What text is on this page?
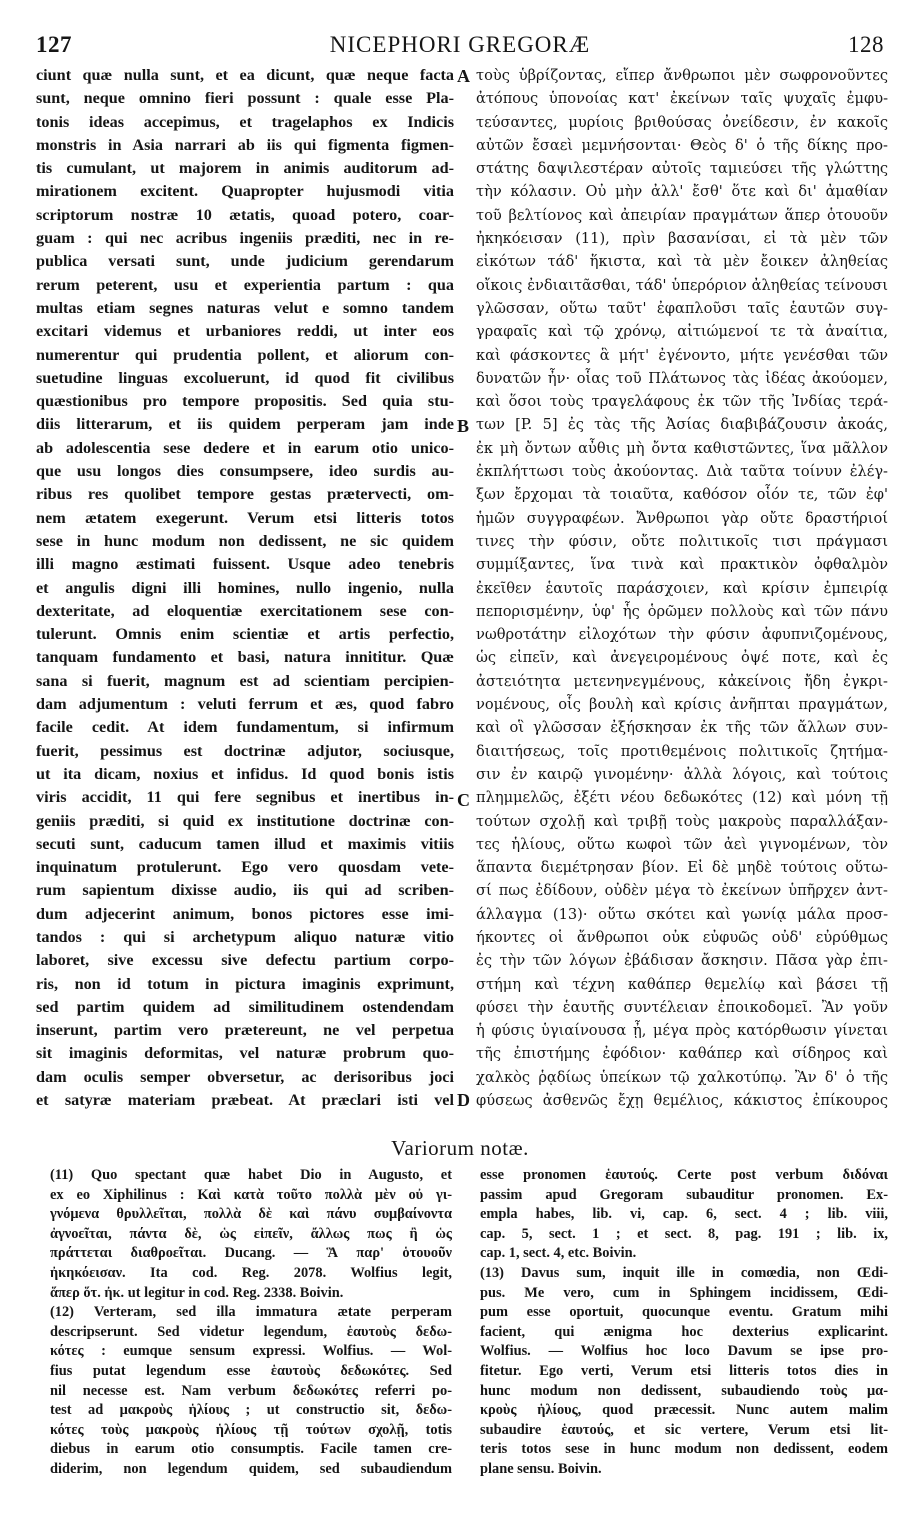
127	NICEPHORI GREGORÆ	128
ciunt quæ nulla sunt, et ea dicunt, quæ neque facta
sunt, neque omnino fieri possunt : quale esse Pla-
tonis ideas accepimus, et tragelaphos ex Indicis
monstris in Asia narrari ab iis qui figmenta figmen-
tis cumulant, ut majorem in animis auditorum ad-
mirationem excitent. Quapropter hujusmodi vitia
scriptorum nostræ 10 ætatis, quoad potero, coar-
guam : qui nec acribus ingeniis præditi, nec in re-
publica versati sunt, unde judicium gerendarum
rerum peterent, usu et experientia partum : qua
multas etiam segnes naturas velut e somno tandem
excitari videmus et urbaniores reddi, ut inter eos
numerentur qui prudentia pollent, et aliorum con-
suetudine linguas excoluerunt, id quod fit civilibus
quæstionibus pro tempore propositis. Sed quia stu-
diis litterarum, et iis quidem perperam jam inde
ab adolescentia sese dedere et in earum otio unico-
que usu longos dies consumpsere, ideo surdis au-
ribus res quolibet tempore gestas prætervecti, om-
nem ætatem exegerunt. Verum etsi litteris totos
sese in hunc modum non dedissent, ne sic quidem
illi magno æstimati fuissent. Usque adeo tenebris
et angulis digni illi homines, nullo ingenio, nulla
dexteritate, ad eloquentiæ exercitationem sese con-
tulerunt. Omnis enim scientiæ et artis perfectio,
tanquam fundamento et basi, natura innititur. Quæ
sana si fuerit, magnum est ad scientiam percipien-
dam adjumentum : veluti ferrum et æs, quod fabro
facile cedit. At idem fundamentum, si infirmum
fuerit, pessimus est doctrinæ adjutor, sociusque,
ut ita dicam, noxius et infidus. Id quod bonis istis
viris accidit, 11 qui fere segnibus et inertibus in-
geniis præditi, si quid ex institutione doctrinæ con-
secuti sunt, caducum tamen illud et maximis vitiis
inquinatum protulerunt. Ego vero quosdam vete-
rum sapientum dixisse audio, iis qui ad scriben-
dum adjecerint animum, bonos pictores esse imi-
tandos : qui si archetypum aliquo naturæ vitio
laboret, sive excessu sive defectu partium corpo-
ris, non id totum in pictura imaginis exprimunt,
sed partim quidem ad similitudinem ostendendam
inserunt, partim vero prætereunt, ne vel perpetua
sit imaginis deformitas, vel naturæ probrum quo-
dam oculis semper obversetur, ac derisoribus joci
et satyræ materiam præbeat. At præclari isti vel
τοὺς ὑβρίζοντας, εἴπερ ἄνθρωποι μὲν σωφρονοῦντες
ἀτόπους ὑπονοίας κατ' ἐκείνων ταῖς ψυχαῖς ἐμφυ-
τεύσαντες, μυρίοις βριθούσας ὀνείδεσιν, ἐν κακοῖς
αὐτῶν ἔσαεὶ μεμνήσονται· Θεὸς δ' ὁ τῆς δίκης προ-
στάτης δαψιλεστέραν αὐτοῖς ταμιεύσει τῆς γλώττης
τὴν κόλασιν. Οὐ μὴν ἀλλ' ἔσθ' ὅτε καὶ δι' ἀμαθίαν
τοῦ βελτίονος καὶ ἀπειρίαν πραγμάτων ἅπερ ὁτουοῦν
ἠκηκόεισαν (11), πρὶν βασανίσαι, εἰ τὰ μὲν τῶν
εἰκότων τάδ' ἥκιστα, καὶ τὰ μὲν ἔοικεν ἀληθείας
οἴκοις ἐνδιαιτᾶσθαι, τάδ' ὑπερόριον ἀληθείας τείνουσι
γλῶσσαν, οὕτω ταῦτ' ἐφαπλοῦσι ταῖς ἑαυτῶν συγ-
γραφαῖς καὶ τῷ χρόνῳ, αἰτιώμενοί τε τὰ ἀναίτια,
καὶ φάσκοντες ἃ μήτ' ἐγένοντο, μήτε γενέσθαι τῶν
δυνατῶν ἦν· οἷας τοῦ Πλάτωνος τὰς ἰδέας ἀκούομεν,
καὶ ὅσοι τοὺς τραγελάφους ἐκ τῶν τῆς Ἰνδίας τερά-
των [P. 5] ἐς τὰς τῆς Ἀσίας διαβιβάζουσιν ἀκοάς,
ἐκ μὴ ὄντων αὖθις μὴ ὄντα καθιστῶντες, ἵνα μᾶλλον
ἐκπλήττωσι τοὺς ἀκούοντας. Διὰ ταῦτα τοίνυν ἐλέγ-
ξων ἔρχομαι τὰ τοιαῦτα, καθόσον οἷόν τε, τῶν ἐφ'
ἡμῶν συγγραφέων. Ἄνθρωποι γὰρ οὔτε δραστήριοί
τινες τὴν φύσιν, οὔτε πολιτικοῖς τισι πράγμασι
συμμίξαντες, ἵνα τινὰ καὶ πρακτικὸν ὀφθαλμὸν
ἐκεῖθεν ἑαυτοῖς παράσχοιεν, καὶ κρίσιν ἐμπειρίᾳ
πεπορισμένην, ὑφ' ἧς ὁρῶμεν πολλοὺς καὶ τῶν πάνυ
νωθροτάτην εἰλοχότων τὴν φύσιν ἀφυπνιζομένους,
ὡς εἰπεῖν, καὶ ἀνεγειρομένους ὀψέ ποτε, καὶ ἐς
ἀστειότητα μετενηνεγμένους, κἀκείνοις ἤδη ἐγκρι-
νομένους, οἷς βουλὴ καὶ κρίσις ἀνῆπται πραγμάτων,
καὶ οἳ γλῶσσαν ἐξήσκησαν ἐκ τῆς τῶν ἄλλων συν-
διαιτήσεως, τοῖς προτιθεμένοις πολιτικοῖς ζητήμα-
σιν ἐν καιρῷ γινομένην· ἀλλὰ λόγοις, καὶ τούτοις
πλημμελῶς, ἐξέτι νέου δεδωκότες (12) καὶ μόνη τῇ
τούτων σχολῇ καὶ τριβῇ τοὺς μακροὺς παραλλάξαν-
τες ἡλίους, οὕτω κωφοὶ τῶν ἀεὶ γιγνομένων, τὸν
ἅπαντα διεμέτρησαν βίον. Εἰ δὲ μηδὲ τούτοις οὕτω-
σί πως ἐδίδουν, οὐδὲν μέγα τὸ ἐκείνων ὑπῆρχεν ἀντ-
άλλαγμα (13)· οὕτω σκότει καὶ γωνίᾳ μάλα προσ-
ήκοντες οἱ ἄνθρωποι οὐκ εὐφυῶς οὐδ' εὐρύθμως
ἐς τὴν τῶν λόγων ἐβάδισαν ἄσκησιν. Πᾶσα γὰρ ἐπι-
στήμη καὶ τέχνη καθάπερ θεμελίῳ καὶ βάσει τῇ
φύσει τὴν ἑαυτῆς συντέλειαν ἐποικοδομεῖ. Ἂν γοῦν
ἡ φύσις ὑγιαίνουσα ᾖ, μέγα πρὸς κατόρθωσιν γίνεται
τῆς ἐπιστήμης ἐφόδιον· καθάπερ καὶ σίδηρος καὶ
χαλκὸς ῥᾳδίως ὑπείκων τῷ χαλκοτύπῳ. Ἂν δ' ὁ τῆς
φύσεως ἀσθενῶς ἔχῃ θεμέλιος, κάκιστος ἐπίκουρος
A
B
C
D
Variorum notæ.
(11) Quo spectant quæ habet Dio in Augusto, et
ex eo Xiphilinus : Καὶ κατὰ τοῦτο πολλὰ μὲν οὐ γι-
γνόμενα θρυλλεῖται, πολλὰ δὲ καὶ πάνυ συμβαίνοντα
ἀγνοεῖται, πάντα δὲ, ὡς εἰπεῖν, ἄλλως πως ἢ ὡς
πράττεται διαθροεῖται. Ducang. — Ἃ παρ' ὁτουοῦν
ἠκηκόεισαν. Ita cod. Reg. 2078. Wolfius legit,
ἅπερ ὅτ. ἠκ. ut legitur in cod. Reg. 2338. Boivin.
(12) Verteram, sed illa immatura ætate perperam
descripserunt. Sed videtur legendum, ἑαυτοὺς δεδω-
κότες : eumque sensum expressi. Wolfius. — Wol-
fius putat legendum esse ἑαυτοὺς δεδωκότες. Sed
nil necesse est. Nam verbum δεδωκότες referri po-
test ad μακροὺς ἡλίους ; ut constructio sit, δεδω-
κότες τοὺς μακροὺς ἡλίους τῇ τούτων σχολῇ, totis
diebus in earum otio consumptis. Facile tamen cre-
diderim, non legendum quidem, sed subaudiendum
esse pronomen ἑαυτούς. Certe post verbum διδόναι
passim apud Gregoram subauditur pronomen. Ex-
empla habes, lib. vi, cap. 6, sect. 4 ; lib. viii,
cap. 5, sect. 1 ; et sect. 8, pag. 191 ; lib. ix,
cap. 1, sect. 4, etc. Boivin.
(13) Davus sum, inquit ille in comœdia, non Œdi-
pus. Me vero, cum in Sphingem incidissem, Œdi-
pum esse oportuit, quocunque eventu. Gratum mihi
facient, qui ænigma hoc dexterius explicarint.
Wolfius. — Wolfius hoc loco Davum se ipse pro-
fitetur. Ego verti, Verum etsi litteris totos dies in
hunc modum non dedissent, subaudiendo τοὺς μα-
κροὺς ἡλίους, quod præcessit. Nunc autem malim
subaudire ἑαυτούς, et sic vertere, Verum etsi lit-
teris totos sese in hunc modum non dedissent, eodem
plane sensu. Boivin.
